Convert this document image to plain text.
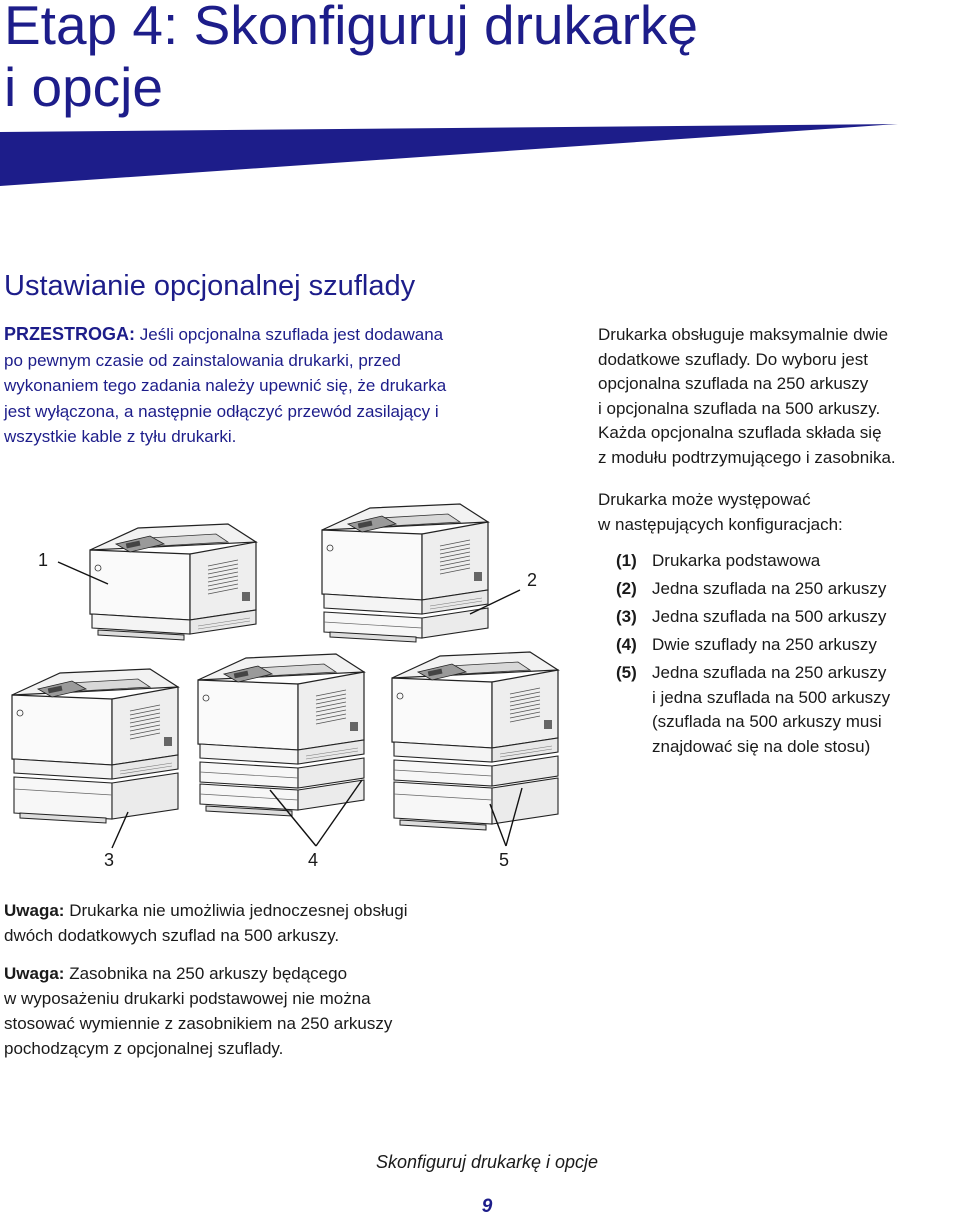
Etap 4: Skonfiguruj drukarkę
i opcje
Ustawianie opcjonalnej szuflady
PRZESTROGA: Jeśli opcjonalna szuflada jest dodawana po pewnym czasie od zainstalowania drukarki, przed wykonaniem tego zadania należy upewnić się, że drukarka jest wyłączona, a następnie odłączyć przewód zasilający i wszystkie kable z tyłu drukarki.

Drukarka obsługuje maksymalnie dwie
dodatkowe szuflady. Do wyboru jest
opcjonalna szuflada na 250 arkuszy
i opcjonalna szuflada na 500 arkuszy.
Każda opcjonalna szuflada składa się
z modułu podtrzymującego i zasobnika.

Drukarka może występować
w następujących konfiguracjach:

(1) Drukarka podstawowa
(2) Jedna szuflada na 250 arkuszy
(3) Jedna szuflada na 500 arkuszy
(4) Dwie szuflady na 250 arkuszy
(5) Jedna szuflada na 250 arkuszy
i jedna szuflada na 500 arkuszy
(szuflada na 500 arkuszy musi
znajdować się na dole stosu)
1
2
3	4	5

Uwaga: Drukarka nie umożliwia jednoczesnej obsługi
dwóch dodatkowych szuflad na 500 arkuszy.

Uwaga: Zasobnika na 250 arkuszy będącego
w wyposażeniu drukarki podstawowej nie można
stosować wymiennie z zasobnikiem na 250 arkuszy
pochodzącym z opcjonalnej szuflady.

Skonfiguruj drukarkę i opcje
9
